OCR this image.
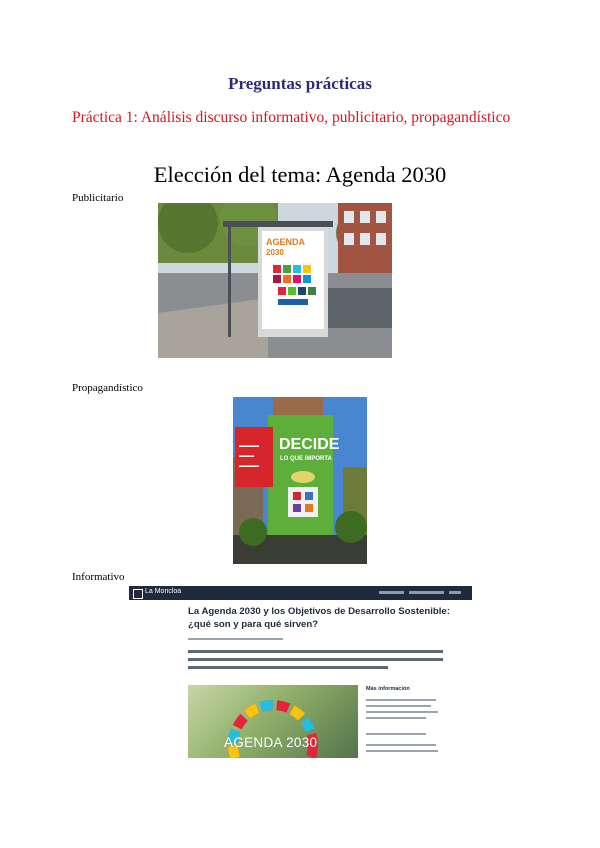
Preguntas prácticas
Práctica 1: Análisis discurso informativo, publicitario, propagandístico
Elección del tema: Agenda 2030
Publicitario
AGENDA
2030
Propagandístico
▬▬▬▬
▬▬▬
▬▬▬▬
DECIDE
LO QUE IMPORTA
Informativo
La Moncloa
La Agenda 2030 y los Objetivos de Desarrollo Sostenible: ¿qué son y para qué sirven?
AGENDA 2030
Más información
